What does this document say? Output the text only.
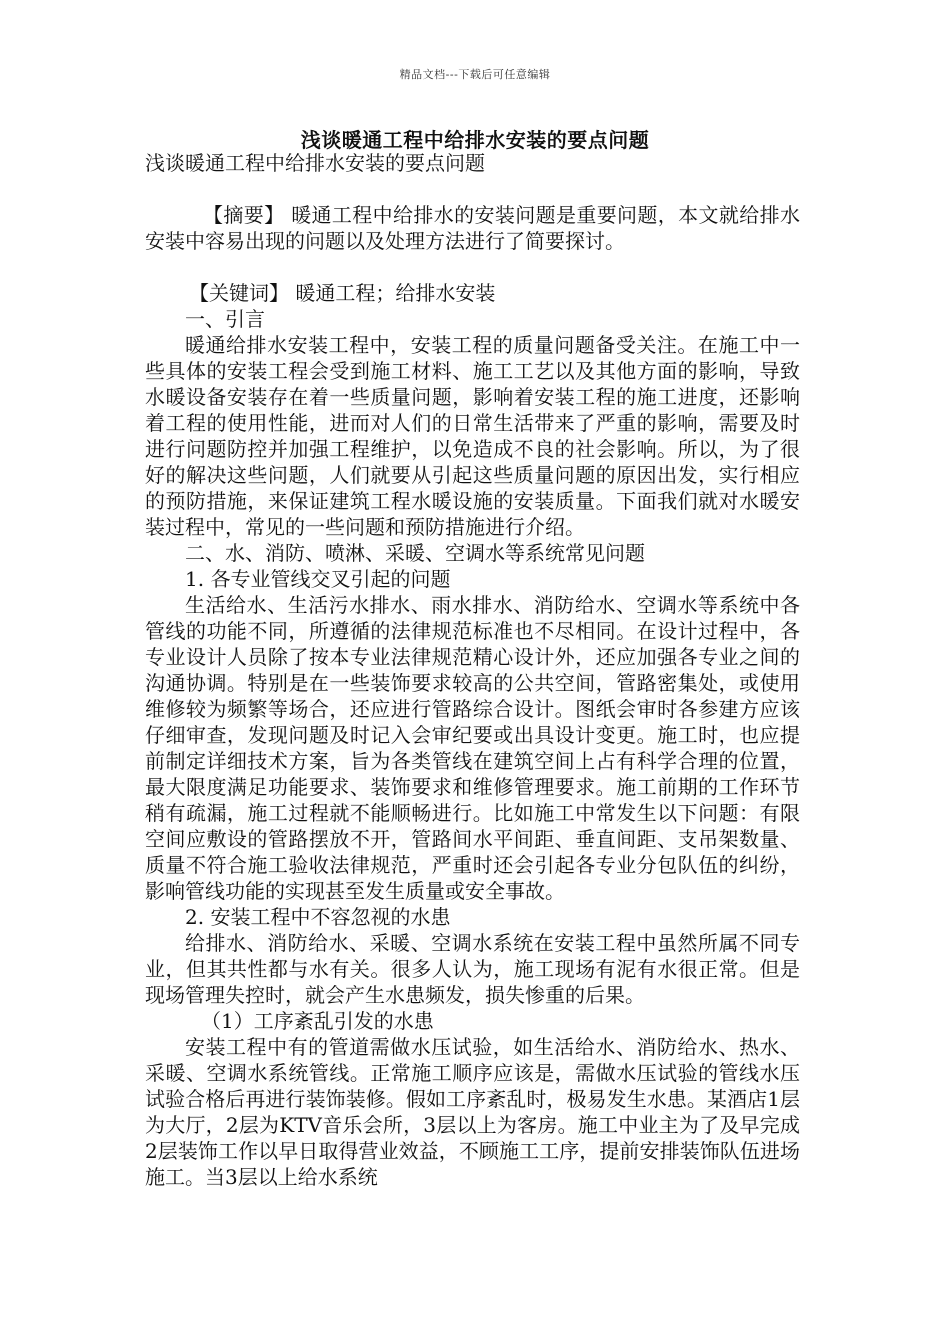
精品文档---下载后可任意编辑
浅谈暖通工程中给排水安装的要点问题

浅谈暖通工程中给排水安装的要点问题

【摘要】 暖通工程中给排水的安装问题是重要问题，本文就给排水安装中容易出现的问题以及处理方法进行了简要探讨。

【关键词】 暖通工程；给排水安装

一、引言

暖通给排水安装工程中，安装工程的质量问题备受关注。在施工中一些具体的安装工程会受到施工材料、施工工艺以及其他方面的影响，导致水暖设备安装存在着一些质量问题，影响着安装工程的施工进度，还影响着工程的使用性能，进而对人们的日常生活带来了严重的影响，需要及时进行问题防控并加强工程维护，以免造成不良的社会影响。所以，为了很好的解决这些问题，人们就要从引起这些质量问题的原因出发，实行相应的预防措施，来保证建筑工程水暖设施的安装质量。下面我们就对水暖安装过程中，常见的一些问题和预防措施进行介绍。

二、水、消防、喷淋、采暖、空调水等系统常见问题

1. 各专业管线交叉引起的问题

生活给水、生活污水排水、雨水排水、消防给水、空调水等系统中各管线的功能不同，所遵循的法律规范标准也不尽相同。在设计过程中，各专业设计人员除了按本专业法律规范精心设计外，还应加强各专业之间的沟通协调。特别是在一些装饰要求较高的公共空间，管路密集处，或使用维修较为频繁等场合，还应进行管路综合设计。图纸会审时各参建方应该仔细审查，发现问题及时记入会审纪要或出具设计变更。施工时，也应提前制定详细技术方案，旨为各类管线在建筑空间上占有科学合理的位置，最大限度满足功能要求、装饰要求和维修管理要求。施工前期的工作环节稍有疏漏，施工过程就不能顺畅进行。比如施工中常发生以下问题：有限空间应敷设的管路摆放不开，管路间水平间距、垂直间距、支吊架数量、质量不符合施工验收法律规范，严重时还会引起各专业分包队伍的纠纷，影响管线功能的实现甚至发生质量或安全事故。

2. 安装工程中不容忽视的水患

给排水、消防给水、采暖、空调水系统在安装工程中虽然所属不同专业，但其共性都与水有关。很多人认为，施工现场有泥有水很正常。但是现场管理失控时，就会产生水患频发，损失惨重的后果。

（1）工序紊乱引发的水患

安装工程中有的管道需做水压试验，如生活给水、消防给水、热水、采暖、空调水系统管线。正常施工顺序应该是，需做水压试验的管线水压试验合格后再进行装饰装修。假如工序紊乱时，极易发生水患。某酒店1层为大厅，2层为KTV音乐会所，3层以上为客房。施工中业主为了及早完成2层装饰工作以早日取得营业效益，不顾施工工序，提前安排装饰队伍进场施工。当3层以上给水系统
